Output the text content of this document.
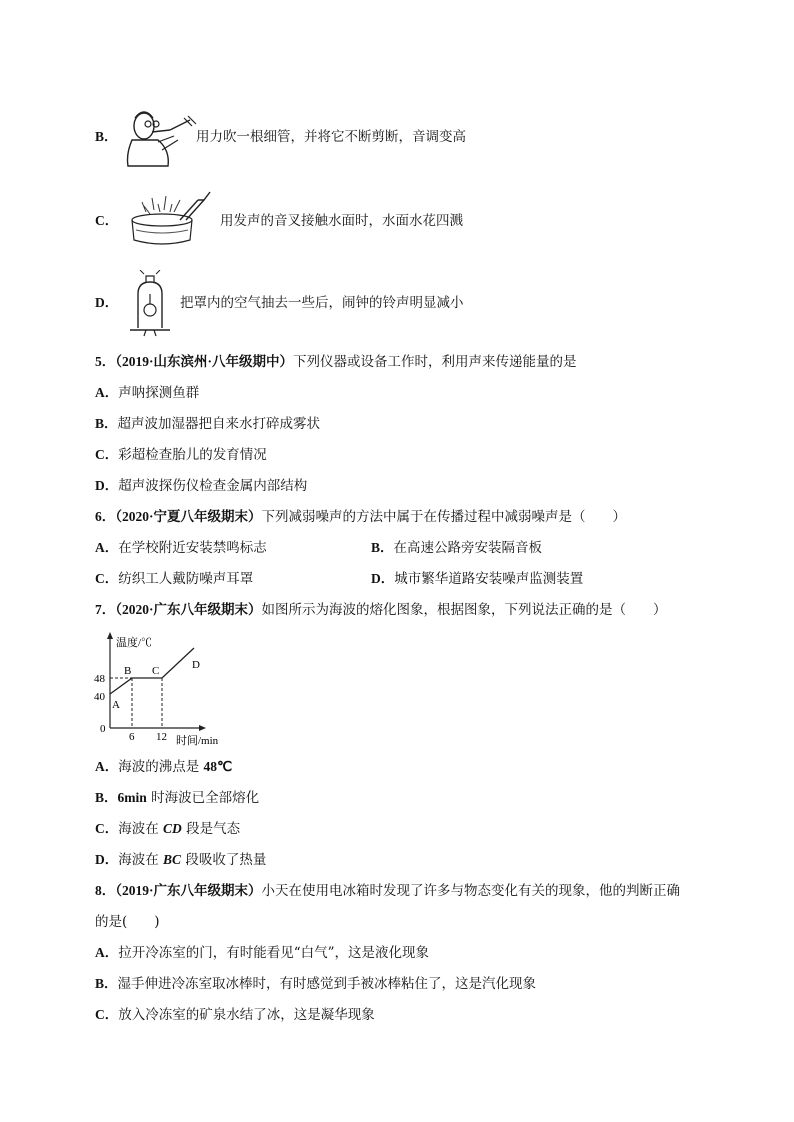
B．	用力吹一根细管，并将它不断剪断，音调变高
C．	用发声的音叉接触水面时，水面水花四溅
D．	把罩内的空气抽去一些后，闹钟的铃声明显减小
5．（2019·山东滨州·八年级期中）下列仪器或设备工作时，利用声来传递能量的是
A．声呐探测鱼群
B．超声波加湿器把自来水打碎成雾状
C．彩超检查胎儿的发育情况
D．超声波探伤仪检查金属内部结构
6．（2020·宁夏八年级期末）下列减弱噪声的方法中属于在传播过程中减弱噪声是（　　）
A．在学校附近安装禁鸣标志	B．在高速公路旁安装隔音板
C．纺织工人戴防噪声耳罩	D．城市繁华道路安装噪声监测装置
7．（2020·广东八年级期末）如图所示为海波的熔化图象，根据图象，下列说法正确的是（　　）
温度/℃
时间/min
48
40
0
6 12
A
B C	D
A．海波的沸点是 48℃
B．6min 时海波已全部熔化
C．海波在 CD 段是气态
D．海波在 BC 段吸收了热量
8．（2019·广东八年级期末）小天在使用电冰箱时发现了许多与物态变化有关的现象，他的判断正确
的是(　　)
A．拉开冷冻室的门，有时能看见“白气”，这是液化现象
B．湿手伸进冷冻室取冰棒时，有时感觉到手被冰棒粘住了，这是汽化现象
C．放入冷冻室的矿泉水结了冰，这是凝华现象
